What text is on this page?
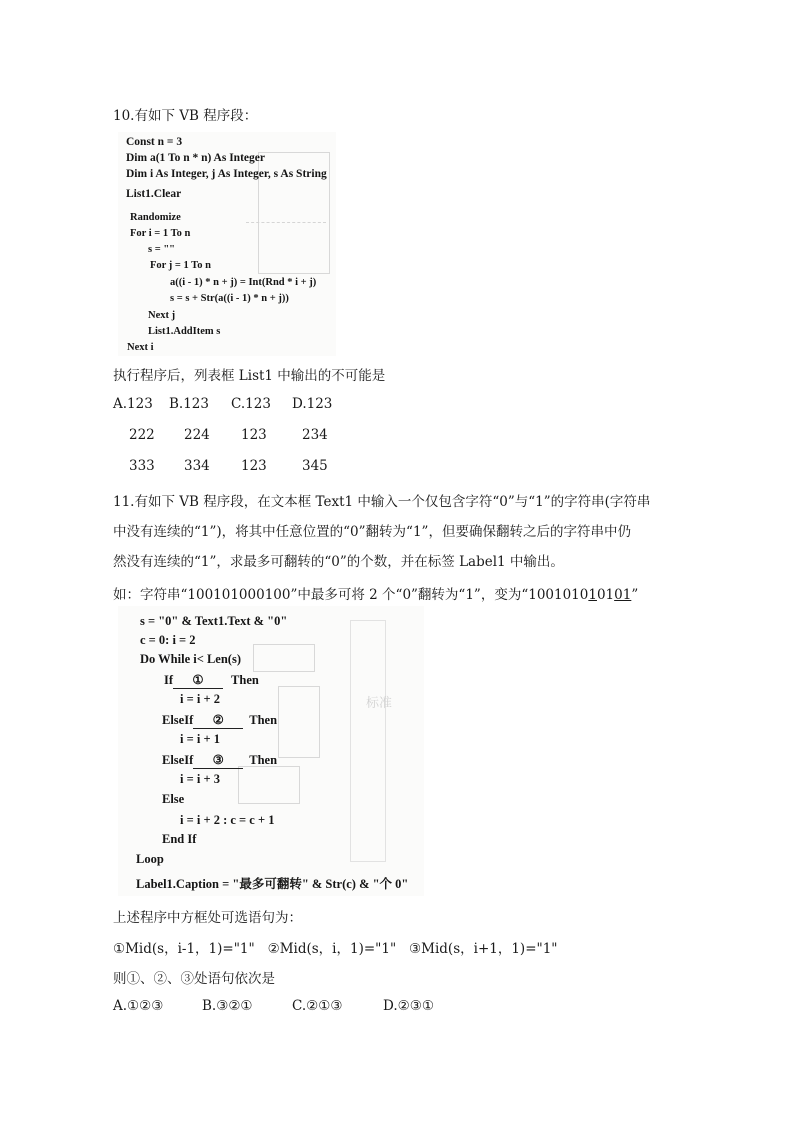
10.有如下 VB 程序段：
Const n = 3
Dim a(1 To n * n) As Integer
Dim i As Integer, j As Integer, s As String
List1.Clear
Randomize
For i = 1 To n
s = ""
For j = 1 To n
a((i - 1) * n + j) = Int(Rnd * i + j)
s = s + Str(a((i - 1) * n + j))
Next j
List1.AddItem s
Next i
执行程序后，列表框 List1 中输出的不可能是
A.123 B.123 C.123 D.123
222 224 123	234
333 334 123	345
11.有如下 VB 程序段，在文本框 Text1 中输入一个仅包含字符“0”与“1”的字符串(字符串
中没有连续的“1”)，将其中任意位置的“0”翻转为“1”，但要确保翻转之后的字符串中仍
然没有连续的“1”，求最多可翻转的“0”的个数，并在标签 Label1 中输出。
如：字符串“100101000100”中最多可将 2 个“0”翻转为“1”，变为“100101010101”
标准
s = "0" & Text1.Text & "0"
c = 0: i = 2
Do While i< Len(s)
If ① Then
i = i + 2
ElseIf ② Then
i = i + 1
ElseIf ③ Then
i = i + 3
Else
i = i + 2 : c = c + 1
End If
Loop
Label1.Caption = "最多可翻转" & Str(c) & "个 0"
上述程序中方框处可选语句为：
①Mid(s，i-1，1)="1"   ②Mid(s，i，1)="1"   ③Mid(s，i+1，1)="1"
则①、②、③处语句依次是
A.①②③	B.③②①	C.②①③	D.②③①
